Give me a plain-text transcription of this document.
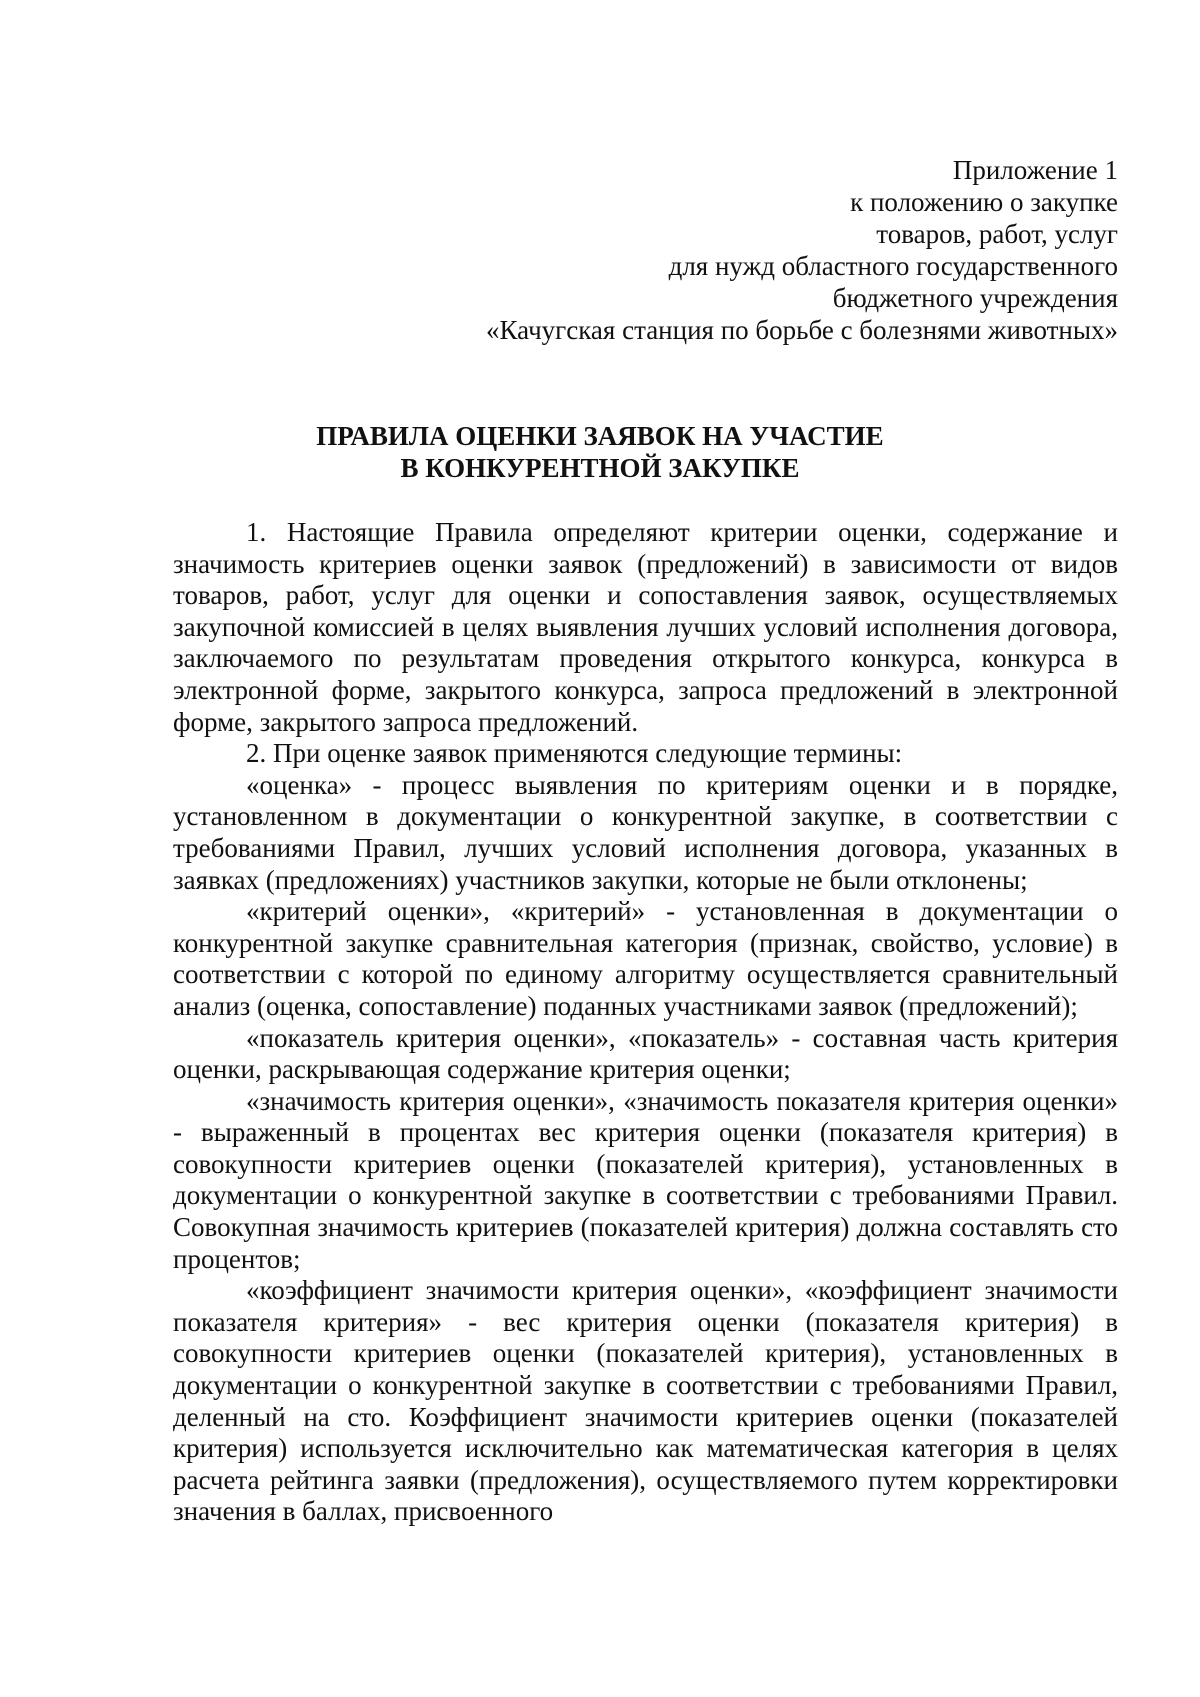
Приложение 1
к положению о закупке
товаров, работ, услуг
для нужд областного государственного
бюджетного учреждения
«Качугская станция по борьбе с болезнями животных»
ПРАВИЛА ОЦЕНКИ ЗАЯВОК НА УЧАСТИЕ
В КОНКУРЕНТНОЙ ЗАКУПКЕ

1. Настоящие Правила определяют критерии оценки, содержание и значимость критериев оценки заявок (предложений) в зависимости от видов товаров, работ, услуг для оценки и сопоставления заявок, осуществляемых закупочной комиссией в целях выявления лучших условий исполнения договора, заключаемого по результатам проведения открытого конкурса, конкурса в электронной форме, закрытого конкурса, запроса предложений в электронной форме, закрытого запроса предложений.

2. При оценке заявок применяются следующие термины:

«оценка» - процесс выявления по критериям оценки и в порядке, установленном в документации о конкурентной закупке, в соответствии с требованиями Правил, лучших условий исполнения договора, указанных в заявках (предложениях) участников закупки, которые не были отклонены;

«критерий оценки», «критерий» - установленная в документации о конкурентной закупке сравнительная категория (признак, свойство, условие) в соответствии с которой по единому алгоритму осуществляется сравнительный анализ (оценка, сопоставление) поданных участниками заявок (предложений);

«показатель критерия оценки», «показатель» - составная часть критерия оценки, раскрывающая содержание критерия оценки;

«значимость критерия оценки», «значимость показателя критерия оценки» - выраженный в процентах вес критерия оценки (показателя критерия) в совокупности критериев оценки (показателей критерия), установленных в документации о конкурентной закупке в соответствии с требованиями Правил. Совокупная значимость критериев (показателей критерия) должна составлять сто процентов;

«коэффициент значимости критерия оценки», «коэффициент значимости показателя критерия» - вес критерия оценки (показателя критерия) в совокупности критериев оценки (показателей критерия), установленных в документации о конкурентной закупке в соответствии с требованиями Правил, деленный на сто. Коэффициент значимости критериев оценки (показателей критерия) используется исключительно как математическая категория в целях расчета рейтинга заявки (предложения), осуществляемого путем корректировки значения в баллах, присвоенного
